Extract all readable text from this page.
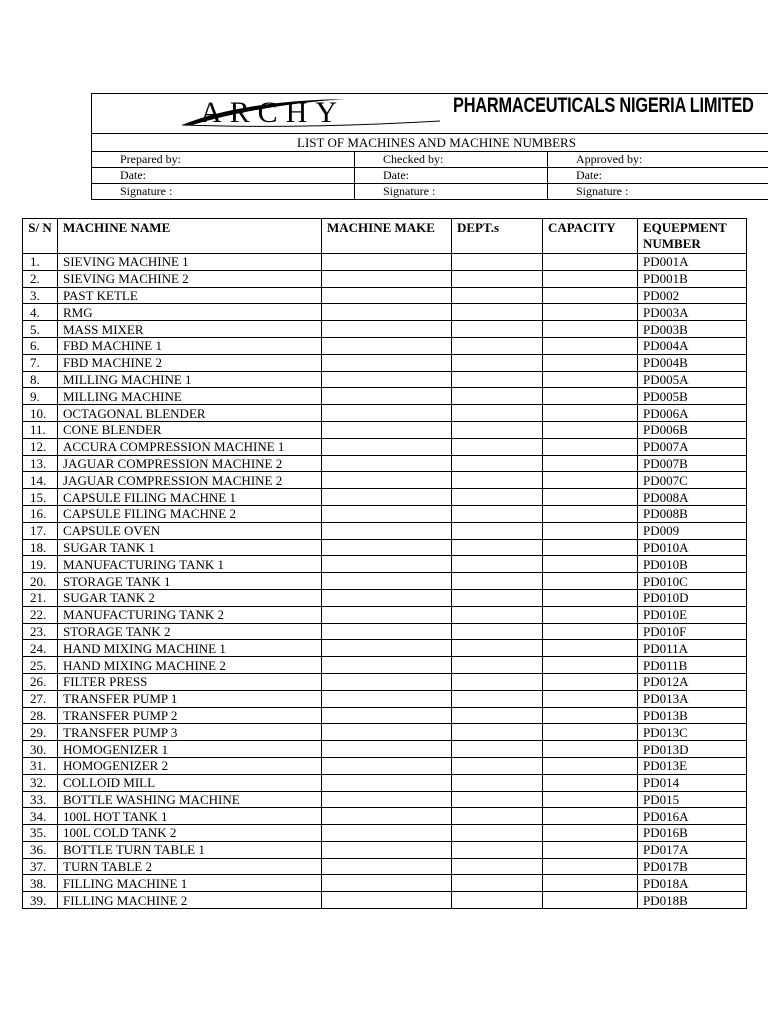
ARCHY PHARMACEUTICALS NIGERIA LIMITED		

LIST OF MACHINES AND MACHINE NUMBERS		
Prepared by:	Checked by:	Approved by:
Date:	Date:	Date:
Signature :	Signature :	Signature :
S/ N	MACHINE NAME	MACHINE MAKE	DEPT.s	CAPACITY	EQUEPMENT NUMBER
1.	SIEVING MACHINE 1				PD001A
2.	SIEVING MACHINE 2				PD001B
3.	PAST KETLE				PD002
4.	RMG				PD003A
5.	MASS MIXER				PD003B
6.	FBD MACHINE 1				PD004A
7.	FBD MACHINE 2				PD004B
8.	MILLING MACHINE 1				PD005A
9.	MILLING MACHINE				PD005B
10.	OCTAGONAL BLENDER				PD006A
11.	CONE BLENDER				PD006B
12.	ACCURA COMPRESSION MACHINE 1				PD007A
13.	JAGUAR COMPRESSION MACHINE 2				PD007B
14.	JAGUAR COMPRESSION MACHINE 2				PD007C
15.	CAPSULE FILING MACHNE 1				PD008A
16.	CAPSULE FILING MACHNE 2				PD008B
17.	CAPSULE OVEN				PD009
18.	SUGAR TANK 1				PD010A
19.	MANUFACTURING TANK 1				PD010B
20.	STORAGE TANK 1				PD010C
21.	SUGAR TANK 2				PD010D
22.	MANUFACTURING TANK 2				PD010E
23.	STORAGE TANK 2				PD010F
24.	HAND MIXING MACHINE 1				PD011A
25.	HAND MIXING MACHINE 2				PD011B
26.	FILTER PRESS				PD012A
27.	TRANSFER PUMP 1				PD013A
28.	TRANSFER PUMP 2				PD013B
29.	TRANSFER PUMP 3				PD013C
30.	HOMOGENIZER 1				PD013D
31.	HOMOGENIZER 2				PD013E
32.	COLLOID MILL				PD014
33.	BOTTLE WASHING MACHINE				PD015
34.	100L HOT TANK 1				PD016A
35.	100L COLD TANK 2				PD016B
36.	BOTTLE TURN TABLE 1				PD017A
37.	TURN TABLE 2				PD017B
38.	FILLING MACHINE 1				PD018A
39.	FILLING MACHINE 2				PD018B
